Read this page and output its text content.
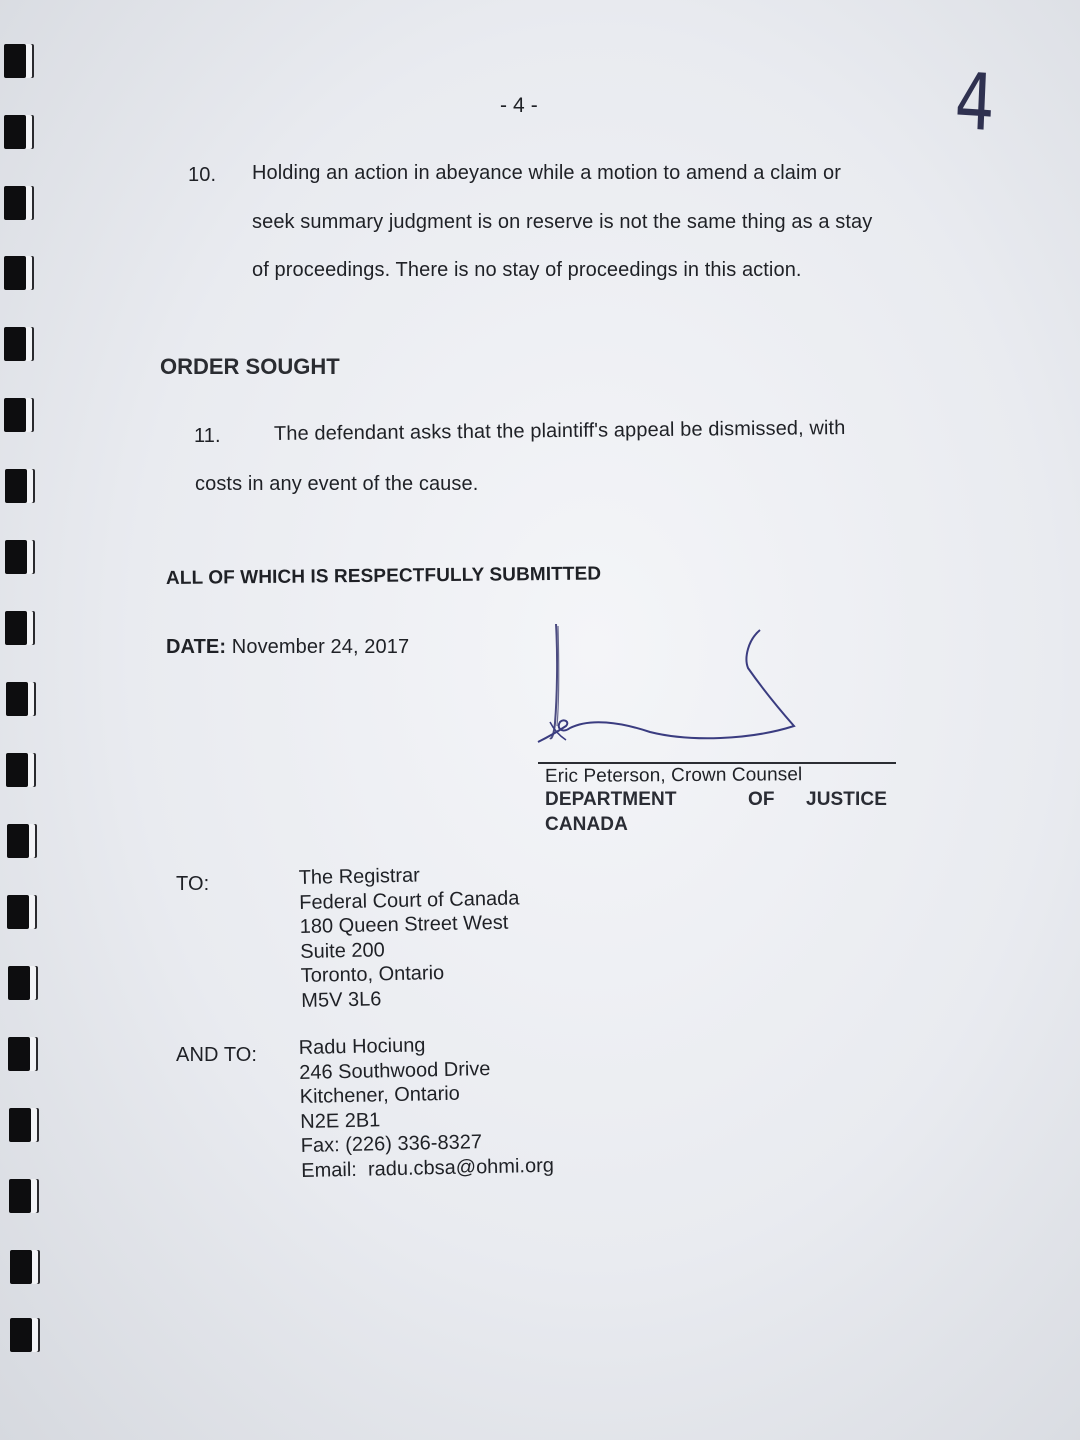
- 4 -	4
10. Holding an action in abeyance while a motion to amend a claim or
seek summary judgment is on reserve is not the same thing as a stay
of proceedings. There is no stay of proceedings in this action.
ORDER SOUGHT
11.	The defendant asks that the plaintiff's appeal be dismissed, with
costs in any event of the cause.
ALL OF WHICH IS RESPECTFULLY SUBMITTED
DATE: November 24, 2017
Eric Peterson, Crown Counsel
DEPARTMENT	OF JUSTICE
CANADA
TO:	The Registrar
Federal Court of Canada
180 Queen Street West
Suite 200
Toronto, Ontario
M5V 3L6
AND TO: Radu Hociung
246 Southwood Drive
Kitchener, Ontario
N2E 2B1
Fax: (226) 336-8327
Email:  radu.cbsa@ohmi.org
